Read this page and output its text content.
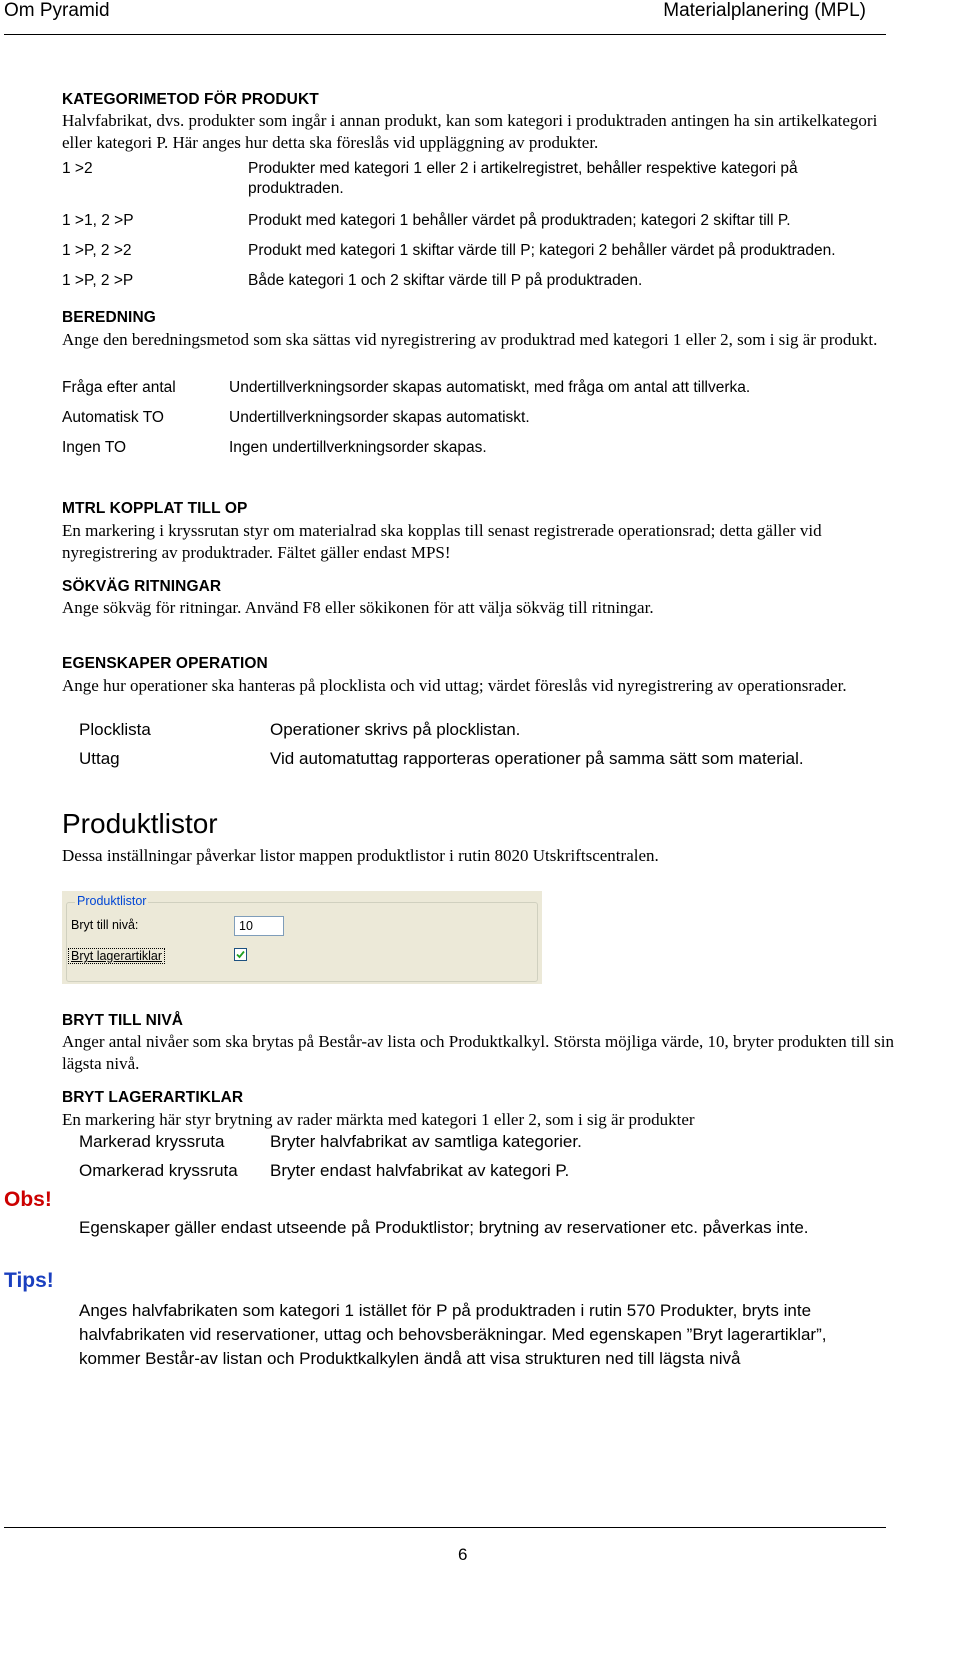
Om Pyramid	Materialplanering (MPL)
KATEGORIMETOD FÖR PRODUKT
Halvfabrikat, dvs. produkter som ingår i annan produkt, kan som kategori i produktraden antingen ha sin artikelkategori eller kategori P. Här anges hur detta ska föreslås vid uppläggning av produkter.
1 >2	Produkter med kategori 1 eller 2 i artikelregistret, behåller respektive kategori på produktraden.
1 >1, 2 >P	Produkt med kategori 1 behåller värdet på produktraden; kategori 2 skiftar till P.
1 >P, 2 >2	Produkt med kategori 1 skiftar värde till P; kategori 2 behåller värdet på produktraden.
1 >P, 2 >P	Både kategori 1 och 2 skiftar värde till P på produktraden.
BEREDNING
Ange den beredningsmetod som ska sättas vid nyregistrering av produktrad med kategori 1 eller 2, som i sig är produkt.
Fråga efter antal	Undertillverkningsorder skapas automatiskt, med fråga om antal att tillverka.
Automatisk TO	Undertillverkningsorder skapas automatiskt.
Ingen TO	Ingen undertillverkningsorder skapas.
MTRL KOPPLAT TILL OP
En markering i kryssrutan styr om materialrad ska kopplas till senast registrerade operationsrad; detta gäller vid nyregistrering av produktrader. Fältet gäller endast MPS!
SÖKVÄG RITNINGAR
Ange sökväg för ritningar. Använd F8 eller sökikonen för att välja sökväg till ritningar.
EGENSKAPER OPERATION
Ange hur operationer ska hanteras på plocklista och vid uttag; värdet föreslås vid nyregistrering av operationsrader.
Plocklista	Operationer skrivs på plocklistan.
Uttag	Vid automatuttag rapporteras operationer på samma sätt som material.
Produktlistor
Dessa inställningar påverkar listor mappen produktlistor i rutin 8020 Utskriftscentralen.
Produktlistor
Bryt till nivå:	10
Bryt lagerartiklar
BRYT TILL NIVÅ
Anger antal nivåer som ska brytas på Består-av lista och Produktkalkyl. Största möjliga värde, 10, bryter produkten till sin lägsta nivå.
BRYT LAGERARTIKLAR
En markering här styr brytning av rader märkta med kategori 1 eller 2, som i sig är produkter
Markerad kryssruta	Bryter halvfabrikat av samtliga kategorier.
Omarkerad kryssruta Bryter endast halvfabrikat av kategori P.
Obs!
Egenskaper gäller endast utseende på Produktlistor; brytning av reservationer etc. påverkas inte.
Tips!
Anges halvfabrikaten som kategori 1 istället för P på produktraden i rutin 570 Produkter, bryts inte
halvfabrikaten vid reservationer, uttag och behovsberäkningar. Med egenskapen ”Bryt lagerartiklar”,
kommer Består-av listan och Produktkalkylen ändå att visa strukturen ned till lägsta nivå
6
